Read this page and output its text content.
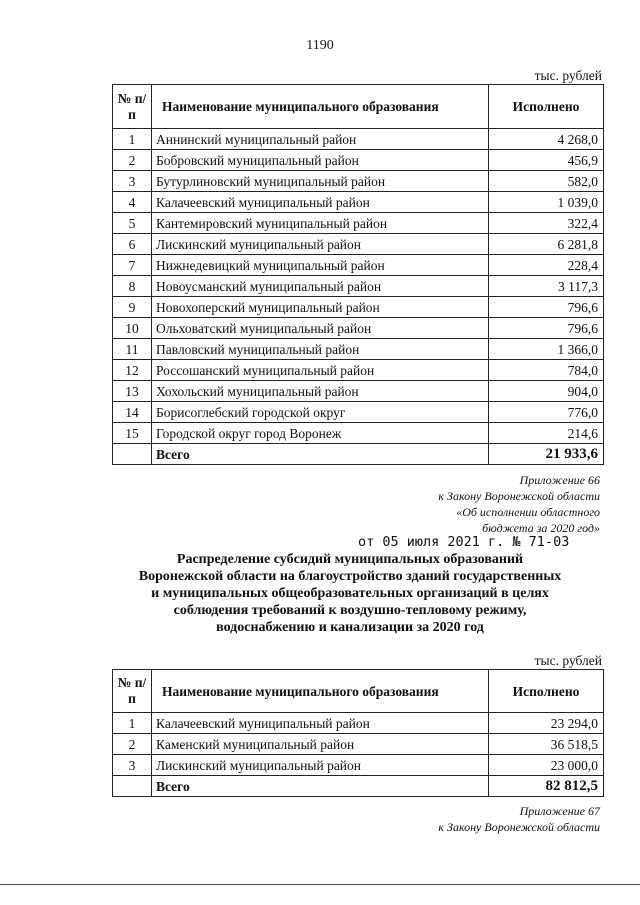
1190
тыс. рублей
№ п/п	Наименование муниципального образования	Исполнено
1	Аннинский муниципальный район	4 268,0
2	Бобровский муниципальный район	456,9
3	Бутурлиновский муниципальный район	582,0
4	Калачеевский муниципальный район	1 039,0
5	Кантемировский муниципальный район	322,4
6	Лискинский муниципальный район	6 281,8
7	Нижнедевицкий муниципальный район	228,4
8	Новоусманский муниципальный район	3 117,3
9	Новохоперский муниципальный район	796,6
10	Ольховатский муниципальный район	796,6
11	Павловский муниципальный район	1 366,0
12	Россошанский муниципальный район	784,0
13	Хохольский муниципальный район	904,0
14	Борисоглебский городской округ	776,0
15	Городской округ город Воронеж	214,6
	Всего	21 933,6
Приложение 66
к Закону Воронежской области
«Об исполнении областного
бюджета за 2020 год»
от 05 июля 2021 г. № 71-03
Распределение субсидий муниципальных образований
Воронежской области на благоустройство зданий государственных
и муниципальных общеобразовательных организаций в целях
соблюдения требований к воздушно-тепловому режиму,
водоснабжению и канализации за 2020 год
тыс. рублей
№ п/п	Наименование муниципального образования	Исполнено
1	Калачеевский муниципальный район	23 294,0
2	Каменский муниципальный район	36 518,5
3	Лискинский муниципальный район	23 000,0
	Всего	82 812,5
Приложение 67
к Закону Воронежской области
